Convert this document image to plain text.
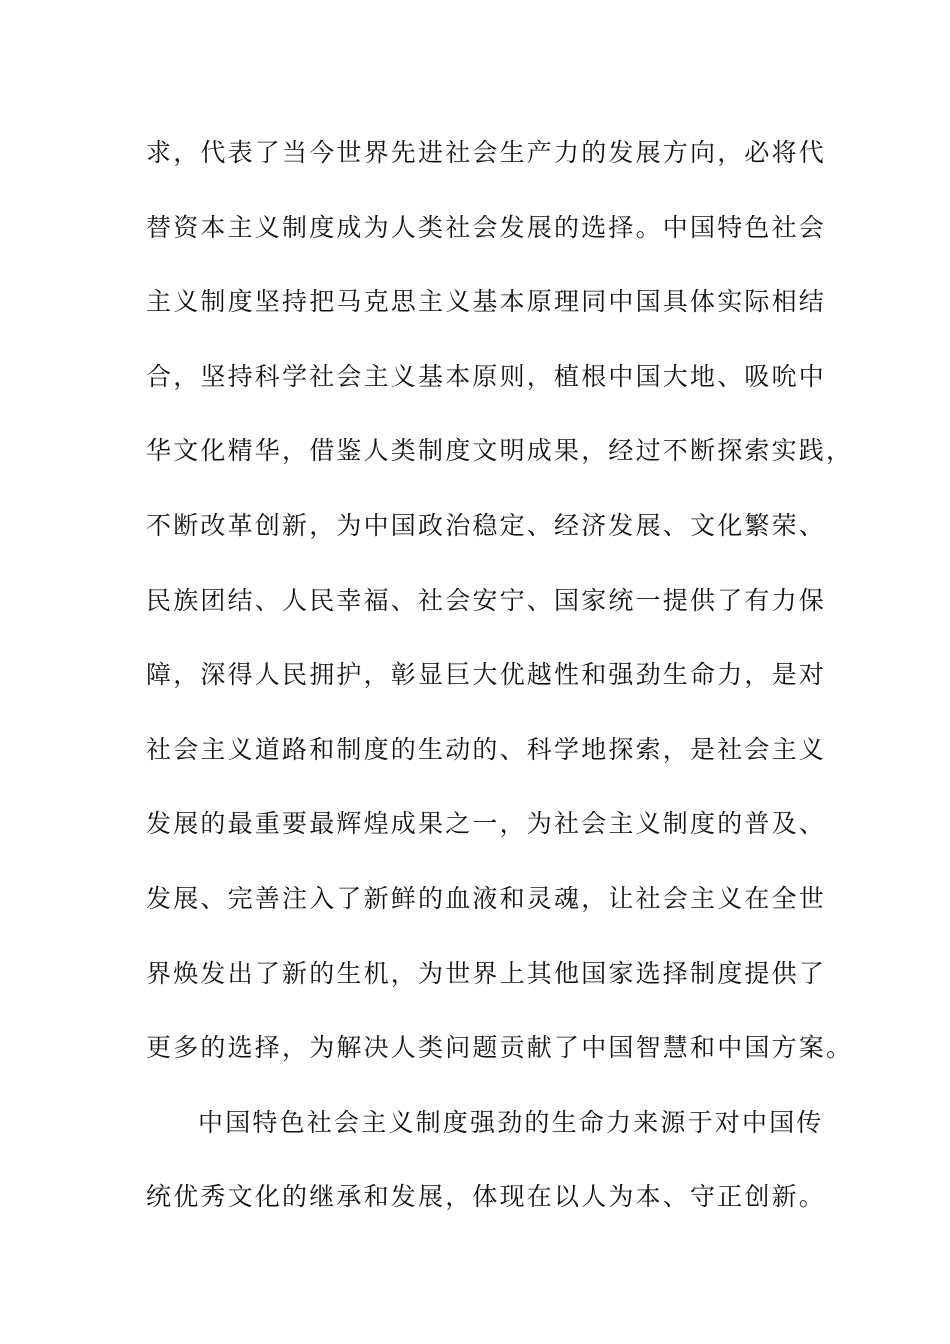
求，代表了当今世界先进社会生产力的发展方向，必将代
替资本主义制度成为人类社会发展的选择。中国特色社会
主义制度坚持把马克思主义基本原理同中国具体实际相结
合，坚持科学社会主义基本原则，植根中国大地、吸吮中
华文化精华，借鉴人类制度文明成果，经过不断探索实践，
不断改革创新，为中国政治稳定、经济发展、文化繁荣、
民族团结、人民幸福、社会安宁、国家统一提供了有力保
障，深得人民拥护，彰显巨大优越性和强劲生命力，是对
社会主义道路和制度的生动的、科学地探索，是社会主义
发展的最重要最辉煌成果之一，为社会主义制度的普及、
发展、完善注入了新鲜的血液和灵魂，让社会主义在全世
界焕发出了新的生机，为世界上其他国家选择制度提供了
更多的选择，为解决人类问题贡献了中国智慧和中国方案。
中国特色社会主义制度强劲的生命力来源于对中国传
统优秀文化的继承和发展，体现在以人为本、守正创新。
